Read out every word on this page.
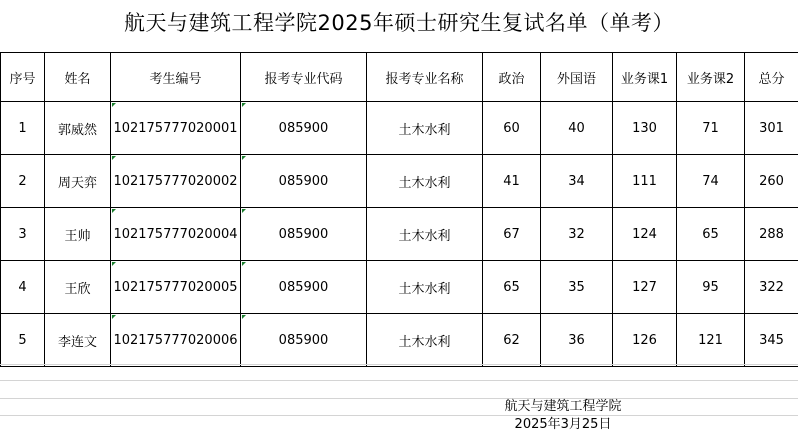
航天与建筑工程学院2025年硕士研究生复试名单（单考）
序号	姓名	考生编号	报考专业代码	报考专业名称	政治	外国语	业务课1	业务课2	总分
1	郭威然	102175777020001	085900	土木水利	60	40	130	71	301
2	周天弈	102175777020002	085900	土木水利	41	34	111	74	260
3	王帅	102175777020004	085900	土木水利	67	32	124	65	288
4	王欣	102175777020005	085900	土木水利	65	35	127	95	322
5	李连文	102175777020006	085900	土木水利	62	36	126	121	345
航天与建筑工程学院
2025年3月25日
